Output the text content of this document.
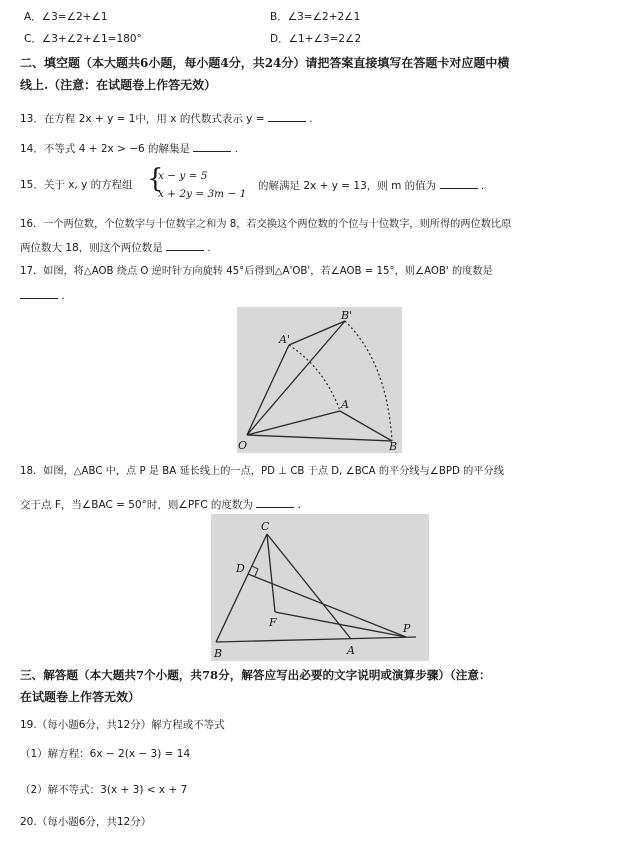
A．∠3=∠2+∠1	B．∠3=∠2+2∠1
C．∠3+∠2+∠1=180°	D．∠1+∠3=2∠2
二、填空题（本大题共6小题，每小题4分，共24分）请把答案直接填写在答题卡对应题中横
线上.（注意：在试题卷上作答无效）
13．在方程 2x + y = 1中，用 x 的代数式表示 y =	.
14．不等式 4 + 2x > −6 的解集是	.
15．关于 x, y 的方程组 {
x − y = 5
x + 2y = 3m − 1
的解满足 2x + y = 13，则 m 的值为	.
16．一个两位数，个位数字与十位数字之和为 8，若交换这个两位数的个位与十位数字，则所得的两位数比原
两位数大 18，则这个两位数是	.
17．如图，将△AOB 绕点 O 逆时针方向旋转 45°后得到△A'OB'，若∠AOB = 15°，则∠AOB' 的度数是
.
A'
B'
A
O	B
18．如图，△ABC 中，点 P 是 BA 延长线上的一点，PD ⊥ CB 于点 D, ∠BCA 的平分线与∠BPD 的平分线
交于点 F，当∠BAC = 50°时，则∠PFC 的度数为	.
C
D
F
B	A
P
三、解答题（本大题共7个小题，共78分，解答应写出必要的文字说明或演算步骤）（注意：
在试题卷上作答无效）
19.（每小题6分，共12分）解方程或不等式
（1）解方程：6x − 2(x − 3) = 14
（2）解不等式：3(x + 3) < x + 7
20.（每小题6分，共12分）
